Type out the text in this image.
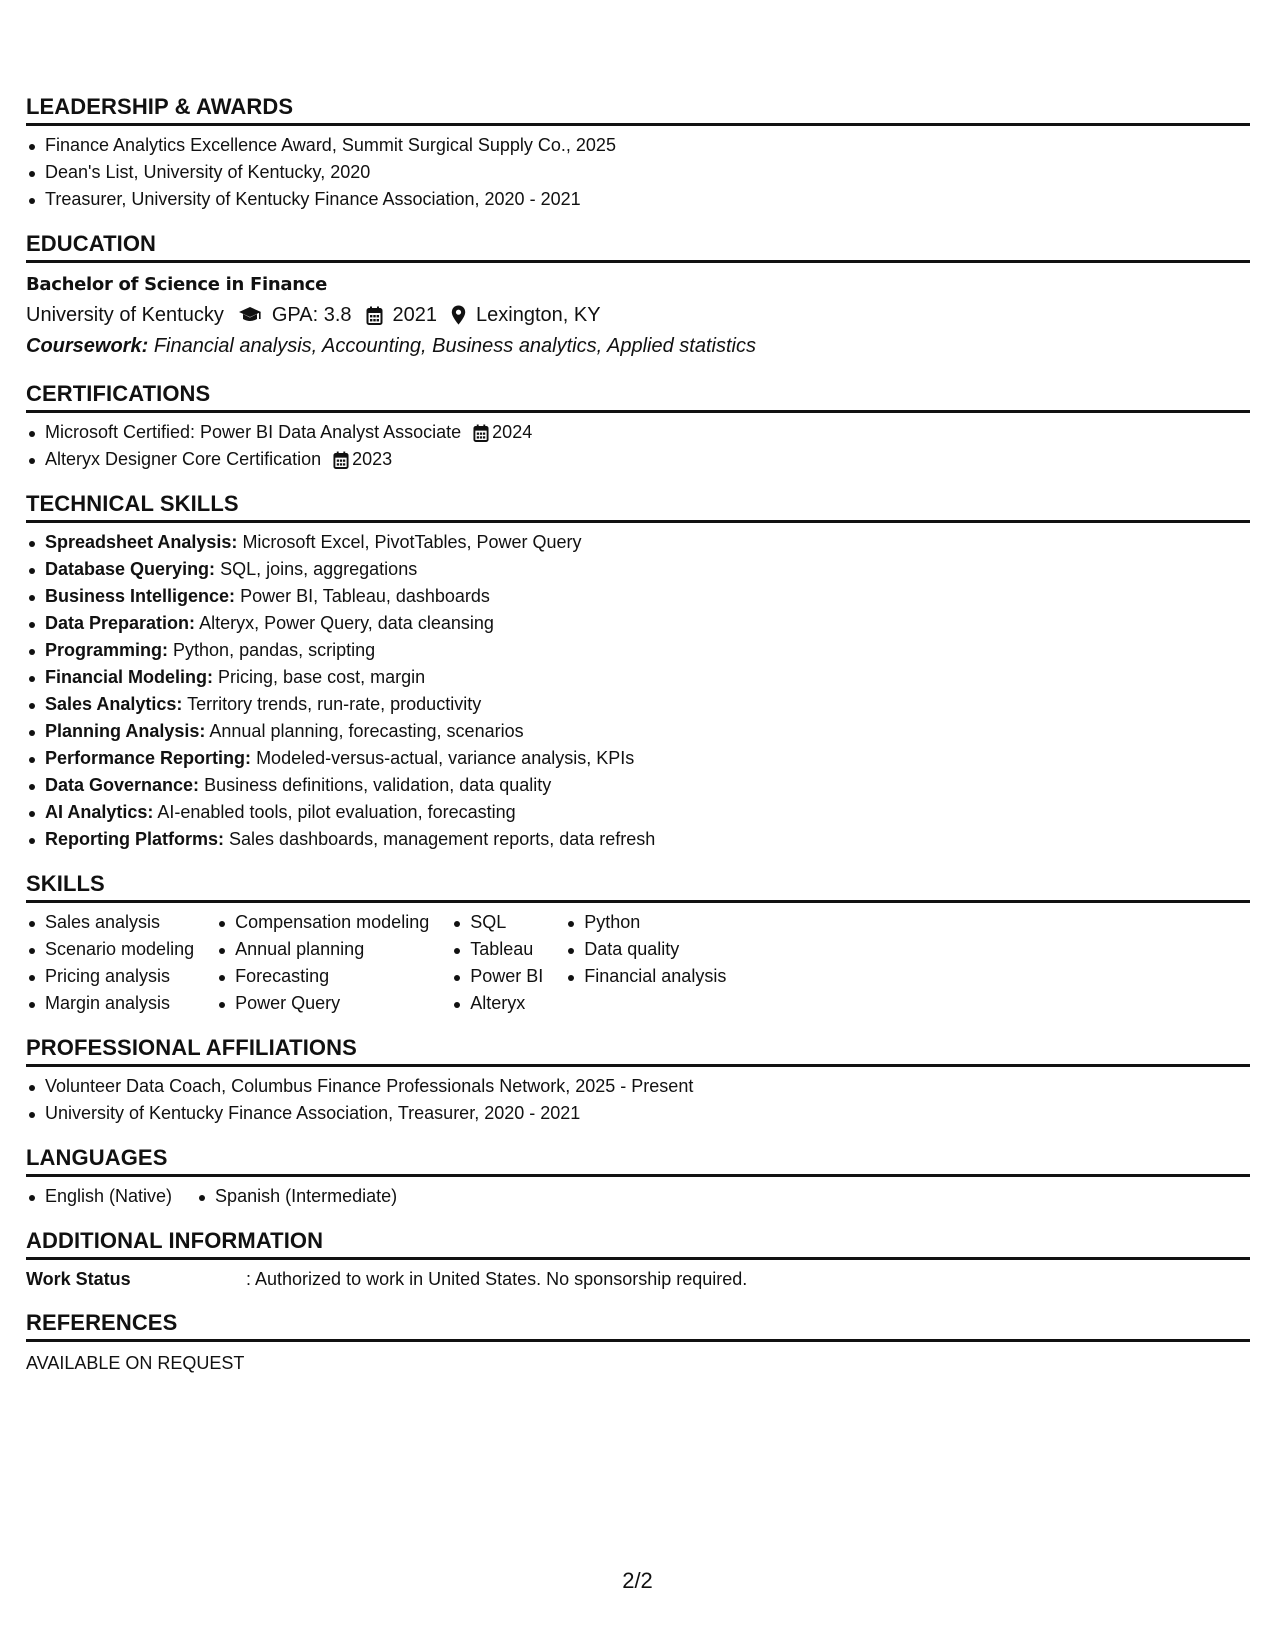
LEADERSHIP & AWARDS
Finance Analytics Excellence Award, Summit Surgical Supply Co., 2025
Dean's List, University of Kentucky, 2020
Treasurer, University of Kentucky Finance Association, 2020 - 2021
EDUCATION
Bachelor of Science in Finance
University of Kentucky GPA: 3.8 2021 Lexington, KY
Coursework: Financial analysis, Accounting, Business analytics, Applied statistics
CERTIFICATIONS
Microsoft Certified: Power BI Data Analyst Associate 2024
Alteryx Designer Core Certification 2023
TECHNICAL SKILLS
Spreadsheet Analysis: Microsoft Excel, PivotTables, Power Query
Database Querying: SQL, joins, aggregations
Business Intelligence: Power BI, Tableau, dashboards
Data Preparation: Alteryx, Power Query, data cleansing
Programming: Python, pandas, scripting
Financial Modeling: Pricing, base cost, margin
Sales Analytics: Territory trends, run-rate, productivity
Planning Analysis: Annual planning, forecasting, scenarios
Performance Reporting: Modeled-versus-actual, variance analysis, KPIs
Data Governance: Business definitions, validation, data quality
AI Analytics: AI-enabled tools, pilot evaluation, forecasting
Reporting Platforms: Sales dashboards, management reports, data refresh
SKILLS
Sales analysis
Scenario modeling
Pricing analysis
Margin analysis
Compensation modeling
Annual planning
Forecasting
Power Query
SQL
Tableau
Power BI
Alteryx
Python
Data quality
Financial analysis
PROFESSIONAL AFFILIATIONS
Volunteer Data Coach, Columbus Finance Professionals Network, 2025 - Present
University of Kentucky Finance Association, Treasurer, 2020 - 2021
LANGUAGES
English (Native)	Spanish (Intermediate)
ADDITIONAL INFORMATION
Work Status	: Authorized to work in United States. No sponsorship required.
REFERENCES
AVAILABLE ON REQUEST
2/2
